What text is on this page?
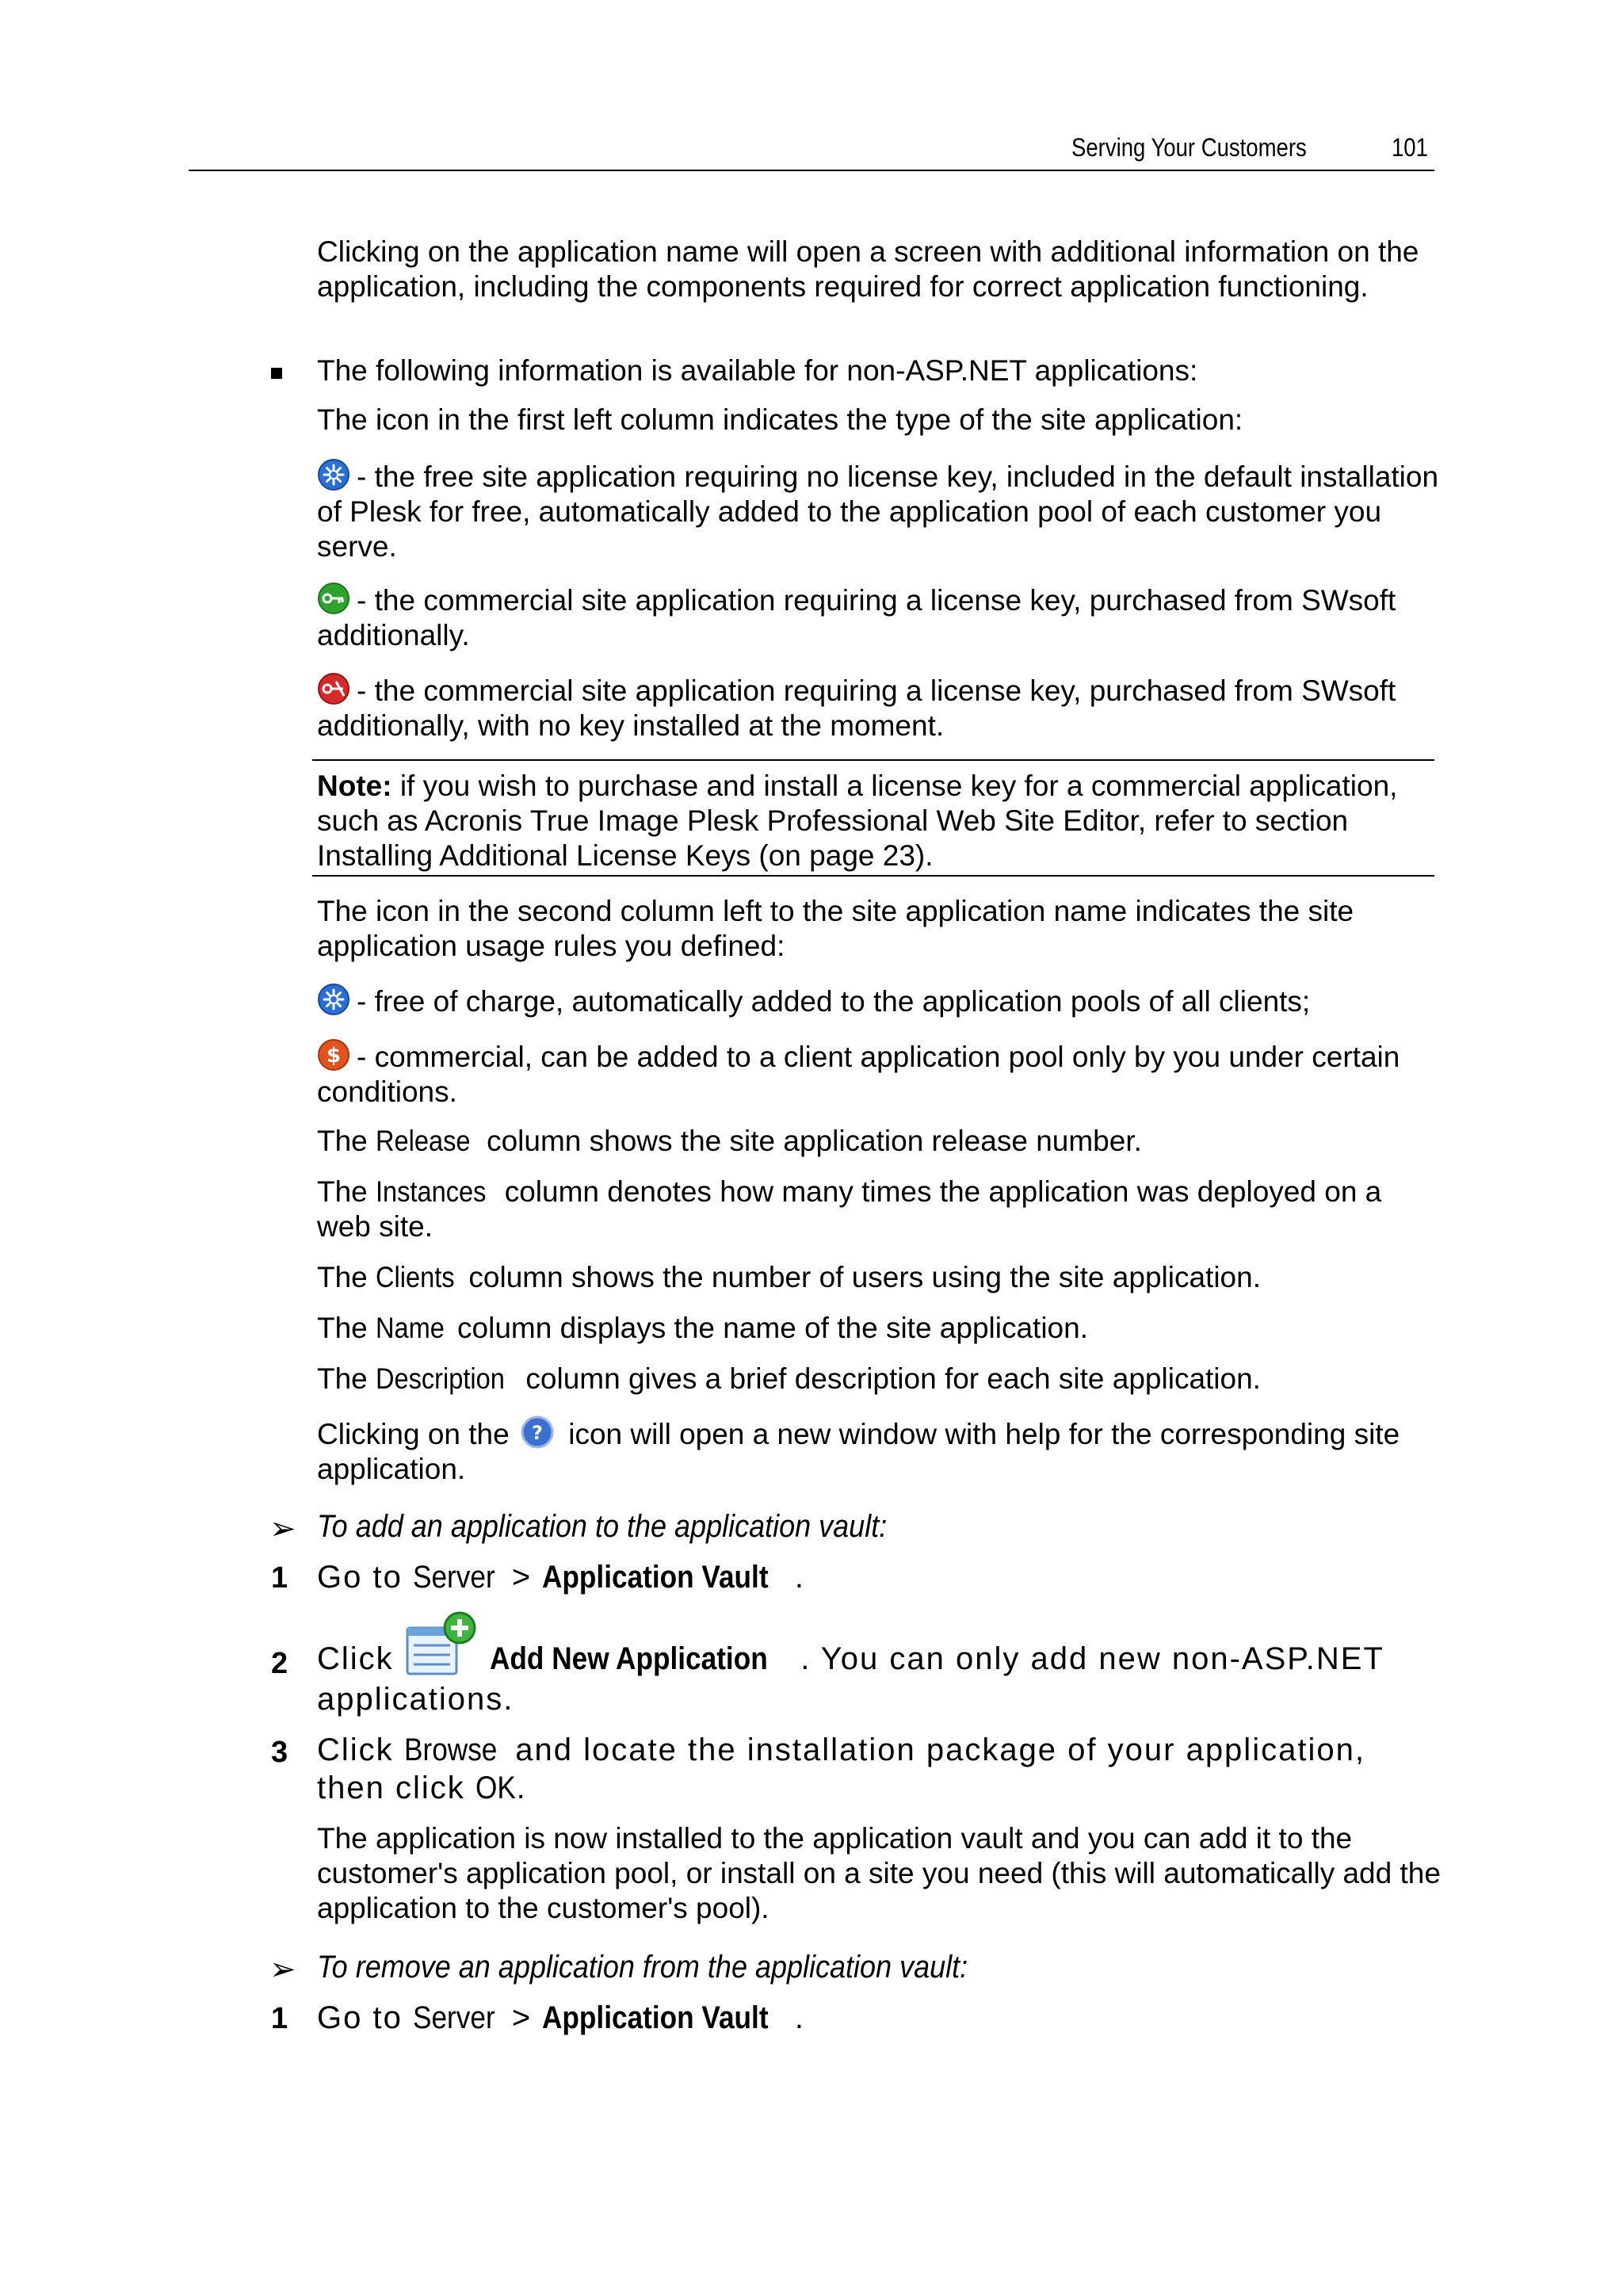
Serving Your Customers	101

Clicking on the application name will open a screen with additional information on the application, including the components required for correct application functioning.

The following information is available for non-ASP.NET applications:

The icon in the first left column indicates the type of the site application:

- the free site application requiring no license key, included in the default installation of Plesk for free, automatically added to the application pool of each customer you serve.

- the commercial site application requiring a license key, purchased from SWsoft additionally.

- the commercial site application requiring a license key, purchased from SWsoft additionally, with no key installed at the moment.

Note: if you wish to purchase and install a license key for a commercial application, such as Acronis True Image Plesk Professional Web Site Editor, refer to section Installing Additional License Keys (on page 23).

The icon in the second column left to the site application name indicates the site application usage rules you defined:

- free of charge, automatically added to the application pools of all clients;

$ - commercial, can be added to a client application pool only by you under certain conditions.

The Release column shows the site application release number.

The Instances column denotes how many times the application was deployed on a web site.

The Clients column shows the number of users using the site application.

The Name column displays the name of the site application.

The Description column gives a brief description for each site application.

Clicking on the ? icon will open a new window with help for the corresponding site application.

➢ To add an application to the application vault:
1 Go to Server > Application Vault .
2 Click	Add New Application . You can only add new non-ASP.NET applications.
3 Click Browse and locate the installation package of your application, then click OK.

The application is now installed to the application vault and you can add it to the customer's application pool, or install on a site you need (this will automatically add the application to the customer's pool).

➢ To remove an application from the application vault:
1 Go to Server > Application Vault .
